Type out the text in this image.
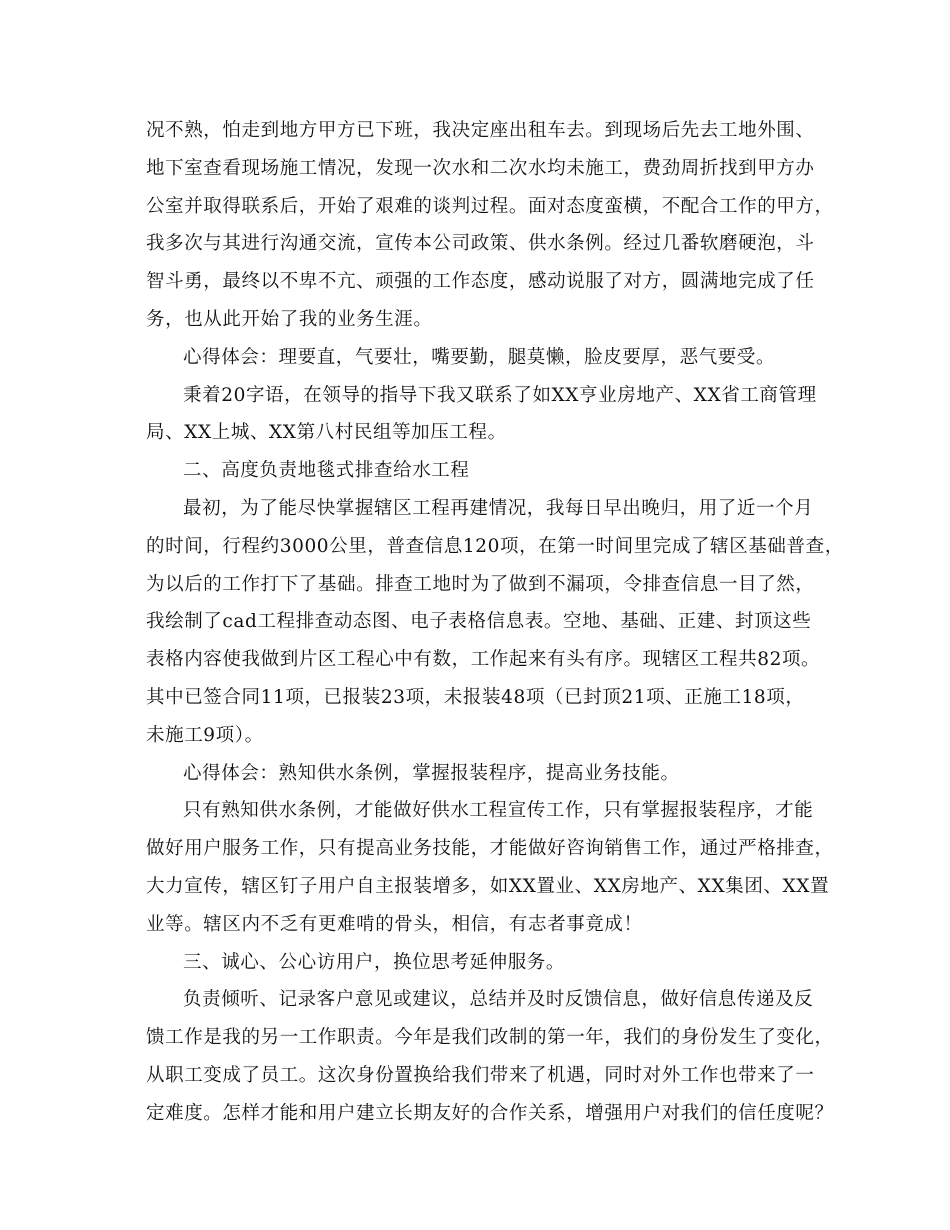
况不熟，怕走到地方甲方已下班，我决定座出租车去。到现场后先去工地外围、
地下室查看现场施工情况，发现一次水和二次水均未施工，费劲周折找到甲方办
公室并取得联系后，开始了艰难的谈判过程。面对态度蛮横，不配合工作的甲方，
我多次与其进行沟通交流，宣传本公司政策、供水条例。经过几番软磨硬泡，斗
智斗勇，最终以不卑不亢、顽强的工作态度，感动说服了对方，圆满地完成了任
务，也从此开始了我的业务生涯。
心得体会：理要直，气要壮，嘴要勤，腿莫懒，脸皮要厚，恶气要受。
秉着20字语，在领导的指导下我又联系了如XX亨业房地产、XX省工商管理
局、XX上城、XX第八村民组等加压工程。
二、高度负责地毯式排查给水工程
最初，为了能尽快掌握辖区工程再建情况，我每日早出晚归，用了近一个月
的时间，行程约3000公里，普查信息120项，在第一时间里完成了辖区基础普查，
为以后的工作打下了基础。排查工地时为了做到不漏项，令排查信息一目了然，
我绘制了cad工程排查动态图、电子表格信息表。空地、基础、正建、封顶这些
表格内容使我做到片区工程心中有数，工作起来有头有序。现辖区工程共82项。
其中已签合同11项，已报装23项，未报装48项（已封顶21项、正施工18项，
未施工9项）。
心得体会：熟知供水条例，掌握报装程序，提高业务技能。
只有熟知供水条例，才能做好供水工程宣传工作，只有掌握报装程序，才能
做好用户服务工作，只有提高业务技能，才能做好咨询销售工作，通过严格排查，
大力宣传，辖区钉子用户自主报装增多，如XX置业、XX房地产、XX集团、XX置
业等。辖区内不乏有更难啃的骨头，相信，有志者事竟成！
三、诚心、公心访用户，换位思考延伸服务。
负责倾听、记录客户意见或建议，总结并及时反馈信息，做好信息传递及反
馈工作是我的另一工作职责。今年是我们改制的第一年，我们的身份发生了变化，
从职工变成了员工。这次身份置换给我们带来了机遇，同时对外工作也带来了一
定难度。怎样才能和用户建立长期友好的合作关系，增强用户对我们的信任度呢？
